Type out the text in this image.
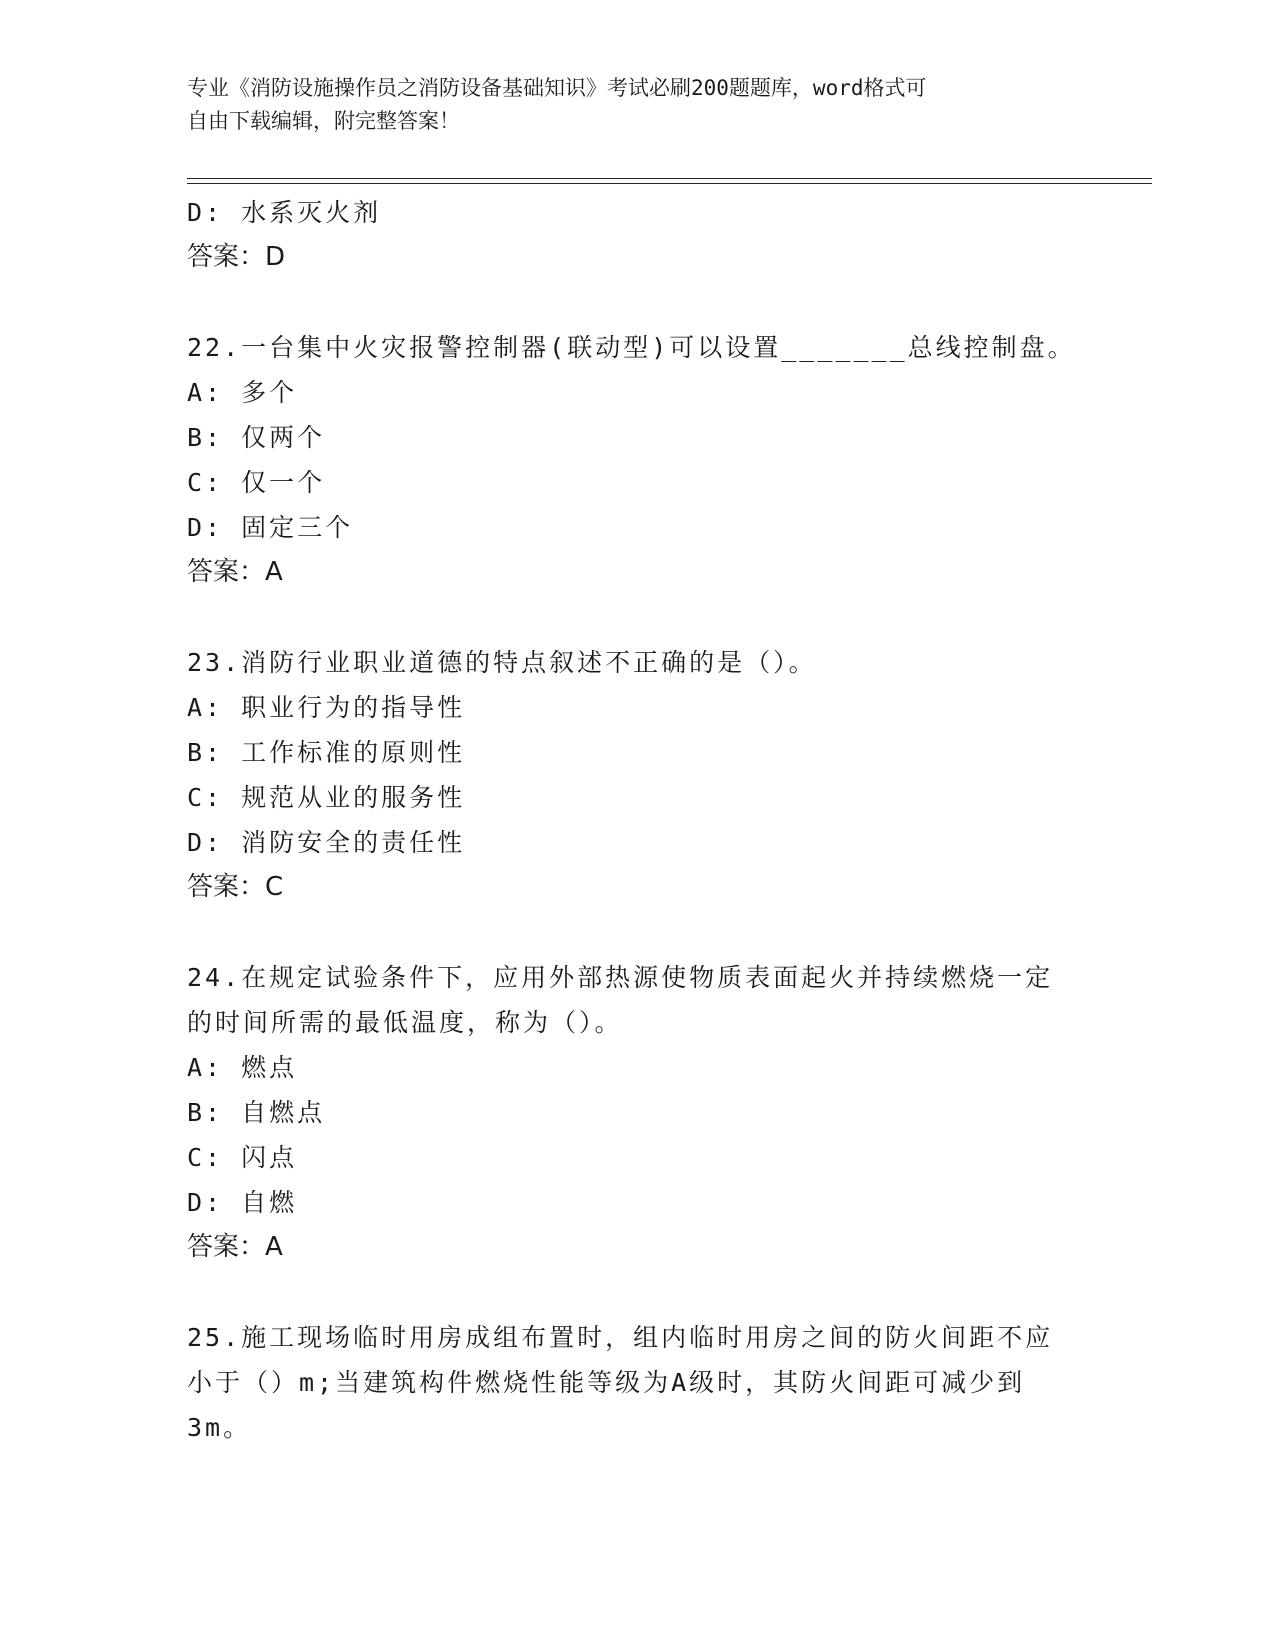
专业《消防设施操作员之消防设备基础知识》考试必刷200题题库，word格式可
自由下载编辑，附完整答案！
D: 水系灭火剂
答案：D
22.一台集中火灾报警控制器(联动型)可以设置_______总线控制盘。
A: 多个
B: 仅两个
C: 仅一个
D: 固定三个
答案：A
23.消防行业职业道德的特点叙述不正确的是（）。
A: 职业行为的指导性
B: 工作标准的原则性
C: 规范从业的服务性
D: 消防安全的责任性
答案：C
24.在规定试验条件下，应用外部热源使物质表面起火并持续燃烧一定
的时间所需的最低温度，称为（）。
A: 燃点
B: 自燃点
C: 闪点
D: 自燃
答案：A
25.施工现场临时用房成组布置时，组内临时用房之间的防火间距不应
小于（）m;当建筑构件燃烧性能等级为A级时，其防火间距可减少到
3m。
